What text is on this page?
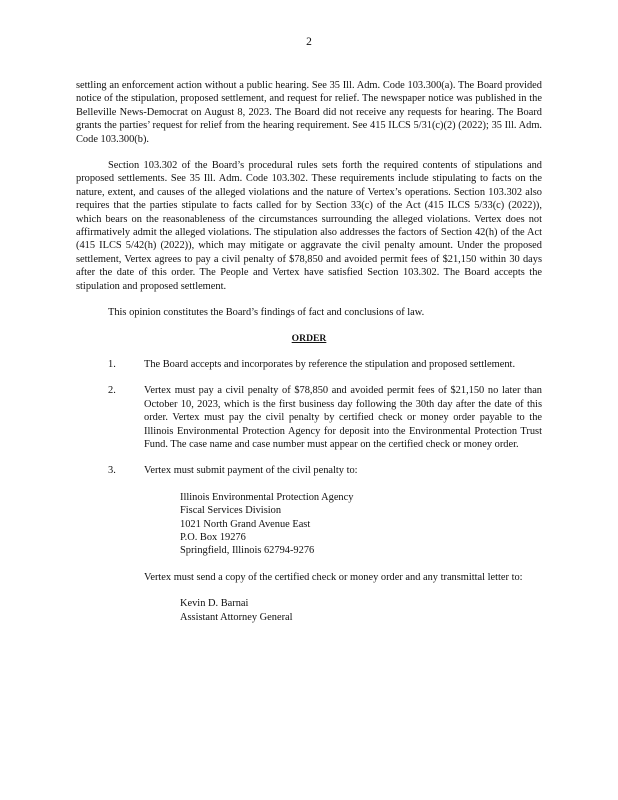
2

settling an enforcement action without a public hearing. See 35 Ill. Adm. Code 103.300(a). The Board provided notice of the stipulation, proposed settlement, and request for relief. The newspaper notice was published in the Belleville News-Democrat on August 8, 2023. The Board did not receive any requests for hearing. The Board grants the parties’ request for relief from the hearing requirement. See 415 ILCS 5/31(c)(2) (2022); 35 Ill. Adm. Code 103.300(b).

Section 103.302 of the Board’s procedural rules sets forth the required contents of stipulations and proposed settlements. See 35 Ill. Adm. Code 103.302. These requirements include stipulating to facts on the nature, extent, and causes of the alleged violations and the nature of Vertex’s operations. Section 103.302 also requires that the parties stipulate to facts called for by Section 33(c) of the Act (415 ILCS 5/33(c) (2022)), which bears on the reasonableness of the circumstances surrounding the alleged violations. Vertex does not affirmatively admit the alleged violations. The stipulation also addresses the factors of Section 42(h) of the Act (415 ILCS 5/42(h) (2022)), which may mitigate or aggravate the civil penalty amount. Under the proposed settlement, Vertex agrees to pay a civil penalty of $78,850 and avoided permit fees of $21,150 within 30 days after the date of this order. The People and Vertex have satisfied Section 103.302. The Board accepts the stipulation and proposed settlement.

This opinion constitutes the Board’s findings of fact and conclusions of law.

ORDER
1.	The Board accepts and incorporates by reference the stipulation and proposed settlement.

2.	Vertex must pay a civil penalty of $78,850 and avoided permit fees of $21,150 no later than October 10, 2023, which is the first business day following the 30th day after the date of this order. Vertex must pay the civil penalty by certified check or money order payable to the Illinois Environmental Protection Agency for deposit into the Environmental Protection Trust Fund. The case name and case number must appear on the certified check or money order.

3.	Vertex must submit payment of the civil penalty to:

Illinois Environmental Protection Agency
Fiscal Services Division
1021 North Grand Avenue East
P.O. Box 19276
Springfield, Illinois 62794-9276

Vertex must send a copy of the certified check or money order and any transmittal letter to:

Kevin D. Barnai
Assistant Attorney General
